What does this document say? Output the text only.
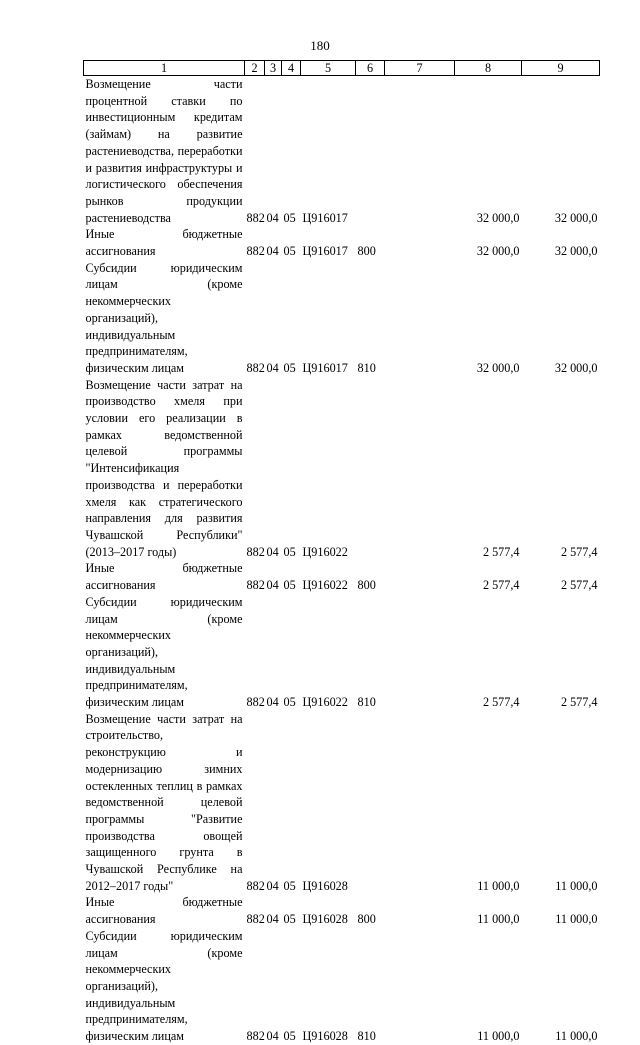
180
1	2	3	4	5	6	7	8	9
Возмещение части процентной ставки по инвестиционным кредитам (займам) на развитие растениеводства, переработки и развития инфраструктуры и логистического обеспечения рынков продукции растениеводства	882	04	05	Ц916017			32 000,0	32 000,0
Иные бюджетные ассигнования	882	04	05	Ц916017	800		32 000,0	32 000,0
Субсидии юридическим лицам (кроме некоммерческих организаций), индивидуальным предпринимателям, физическим лицам	882	04	05	Ц916017	810		32 000,0	32 000,0
Возмещение части затрат на производство хмеля при условии его реализации в рамках ведомственной целевой программы "Интенсификация производства и переработки хмеля как стратегического направления для развития Чувашской Республики" (2013–2017 годы)	882	04	05	Ц916022			2 577,4	2 577,4
Иные бюджетные ассигнования	882	04	05	Ц916022	800		2 577,4	2 577,4
Субсидии юридическим лицам (кроме некоммерческих организаций), индивидуальным предпринимателям, физическим лицам	882	04	05	Ц916022	810		2 577,4	2 577,4
Возмещение части затрат на строительство, реконструкцию и модернизацию зимних остекленных теплиц в рамках ведомственной целевой программы "Развитие производства овощей защищенного грунта в Чувашской Республике на 2012–2017 годы"	882	04	05	Ц916028			11 000,0	11 000,0
Иные бюджетные ассигнования	882	04	05	Ц916028	800		11 000,0	11 000,0
Субсидии юридическим лицам (кроме некоммерческих организаций), индивидуальным предпринимателям, физическим лицам	882	04	05	Ц916028	810		11 000,0	11 000,0
